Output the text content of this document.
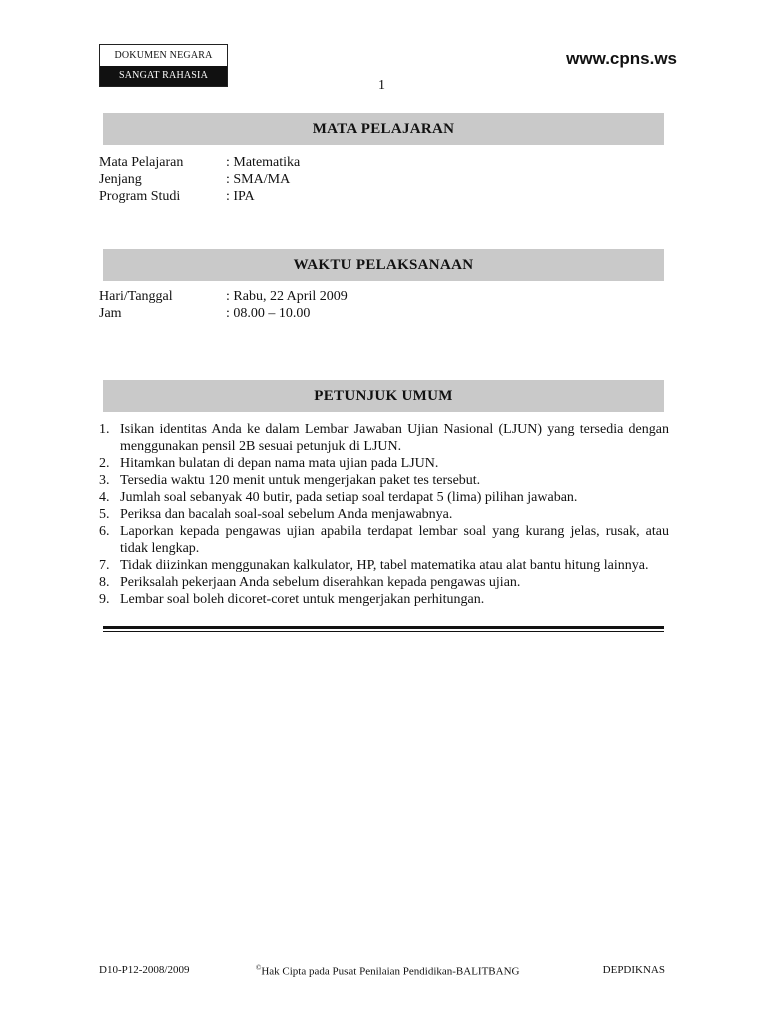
DOKUMEN NEGARA
SANGAT RAHASIA
www.cpns.ws
1
MATA PELAJARAN
Mata Pelajaran	: Matematika
Jenjang	: SMA/MA
Program Studi	: IPA
WAKTU PELAKSANAAN
Hari/Tanggal	: Rabu, 22 April 2009
Jam	: 08.00 – 10.00
PETUNJUK UMUM
1. Isikan identitas Anda ke dalam Lembar Jawaban Ujian Nasional (LJUN) yang tersedia dengan menggunakan pensil 2B sesuai petunjuk di LJUN.
2. Hitamkan bulatan di depan nama mata ujian pada LJUN.
3. Tersedia waktu 120 menit untuk mengerjakan paket tes tersebut.
4. Jumlah soal sebanyak 40 butir, pada setiap soal terdapat 5 (lima) pilihan jawaban.
5. Periksa dan bacalah soal-soal sebelum Anda menjawabnya.
6. Laporkan kepada pengawas ujian apabila terdapat lembar soal yang kurang jelas, rusak, atau tidak lengkap.
7. Tidak diizinkan menggunakan kalkulator, HP, tabel matematika atau alat bantu hitung lainnya.
8. Periksalah pekerjaan Anda sebelum diserahkan kepada pengawas ujian.
9. Lembar soal boleh dicoret-coret untuk mengerjakan perhitungan.
D10-P12-2008/2009	©Hak Cipta pada Pusat Penilaian Pendidikan-BALITBANG	DEPDIKNAS
